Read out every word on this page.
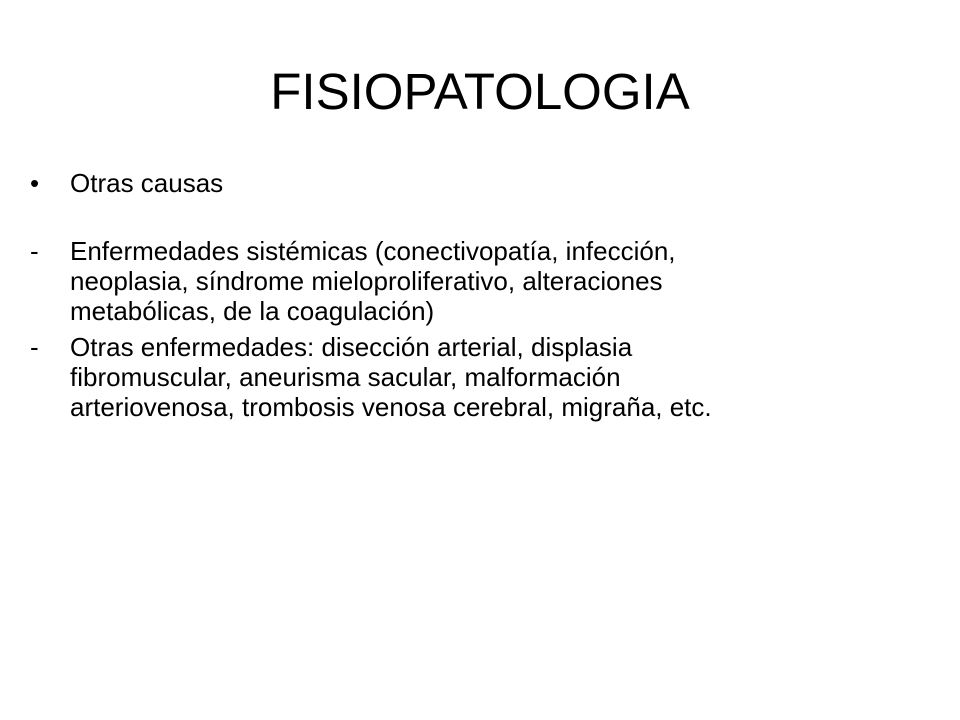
FISIOPATOLOGIA
•	Otras causas
-	Enfermedades sistémicas (conectivopatía, infección,
neoplasia, síndrome mieloproliferativo, alteraciones
metabólicas, de la coagulación)
-	Otras enfermedades: disección arterial, displasia
fibromuscular, aneurisma sacular, malformación
arteriovenosa, trombosis venosa cerebral, migraña, etc.
